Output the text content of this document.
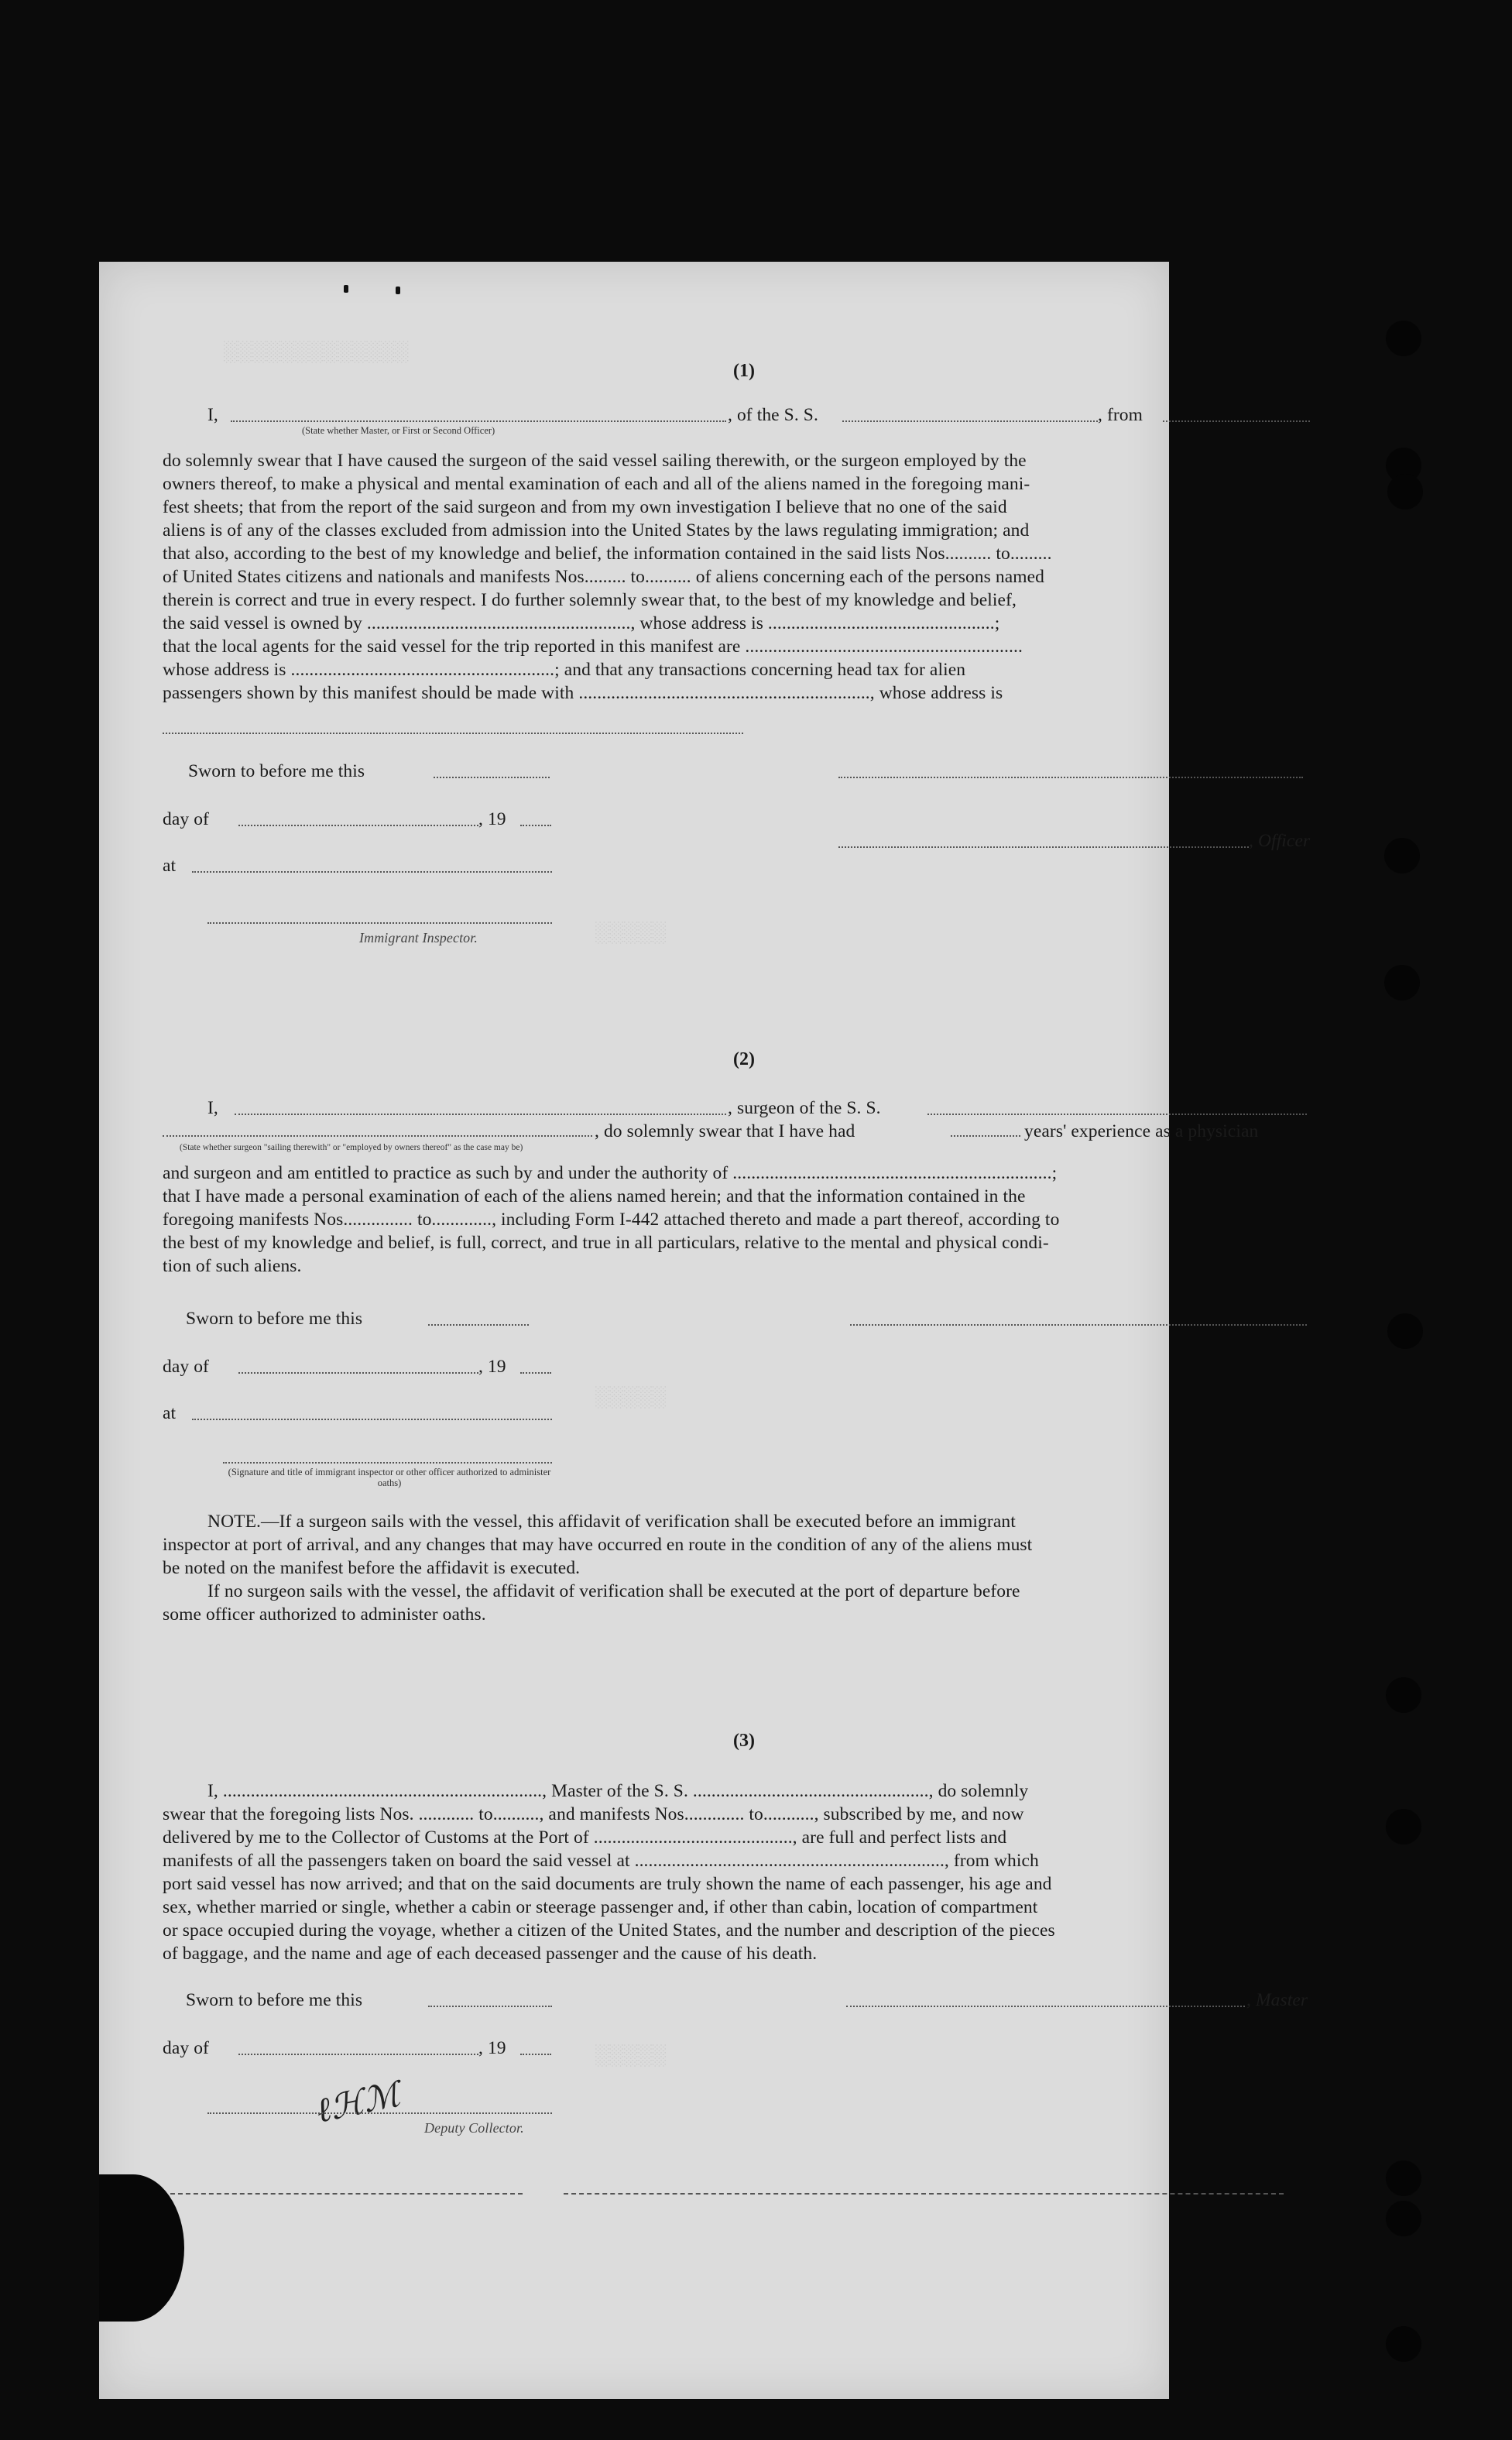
░░░░░░░░░░░░░
░░░░░
░░░░░
░░░░░
(1)
I,	, of the S. S.	, from
(State whether Master, or First or Second Officer)
do solemnly swear that I have caused the surgeon of the said vessel sailing therewith, or the surgeon employed by the
owners thereof, to make a physical and mental examination of each and all of the aliens named in the foregoing mani-
fest sheets; that from the report of the said surgeon and from my own investigation I believe that no one of the said
aliens is of any of the classes excluded from admission into the United States by the laws regulating immigration; and
that also, according to the best of my knowledge and belief, the information contained in the said lists Nos.......... to.........
of United States citizens and nationals and manifests Nos......... to.......... of aliens concerning each of the persons named
therein is correct and true in every respect. I do further solemnly swear that, to the best of my knowledge and belief,
the said vessel is owned by ........................................................., whose address is .................................................;
that the local agents for the said vessel for the trip reported in this manifest are ............................................................
whose address is .........................................................; and that any transactions concerning head tax for alien
passengers shown by this manifest should be made with ..............................................................., whose address is
Sworn to before me this
day of	, 19
, Officer
at
Immigrant Inspector.
(2)
I,	, surgeon of the S. S.
, do solemnly swear that I have had	years' experience as a physician
(State whether surgeon "sailing therewith" or "employed by owners thereof" as the case may be)
and surgeon and am entitled to practice as such by and under the authority of .....................................................................;
that I have made a personal examination of each of the aliens named herein; and that the information contained in the
foregoing manifests Nos............... to............., including Form I-442 attached thereto and made a part thereof, according to
the best of my knowledge and belief, is full, correct, and true in all particulars, relative to the mental and physical condi-
tion of such aliens.
Sworn to before me this
day of	, 19
at
(Signature and title of immigrant inspector or other officer authorized to administer oaths)
NOTE.—If a surgeon sails with the vessel, this affidavit of verification shall be executed before an immigrant
inspector at port of arrival, and any changes that may have occurred en route in the condition of any of the aliens must
be noted on the manifest before the affidavit is executed.
If no surgeon sails with the vessel, the affidavit of verification shall be executed at the port of departure before
some officer authorized to administer oaths.
(3)
I, ....................................................................., Master of the S. S. ..................................................., do solemnly
swear that the foregoing lists Nos. ............ to.........., and manifests Nos............. to..........., subscribed by me, and now
delivered by me to the Collector of Customs at the Port of ..........................................., are full and perfect lists and
manifests of all the passengers taken on board the said vessel at ..................................................................., from which
port said vessel has now arrived; and that on the said documents are truly shown the name of each passenger, his age and
sex, whether married or single, whether a cabin or steerage passenger and, if other than cabin, location of compartment
or space occupied during the voyage, whether a citizen of the United States, and the number and description of the pieces
of baggage, and the name and age of each deceased passenger and the cause of his death.
Sworn to before me this	, Master
day of	, 19
ℓℋℳ Deputy Collector.
